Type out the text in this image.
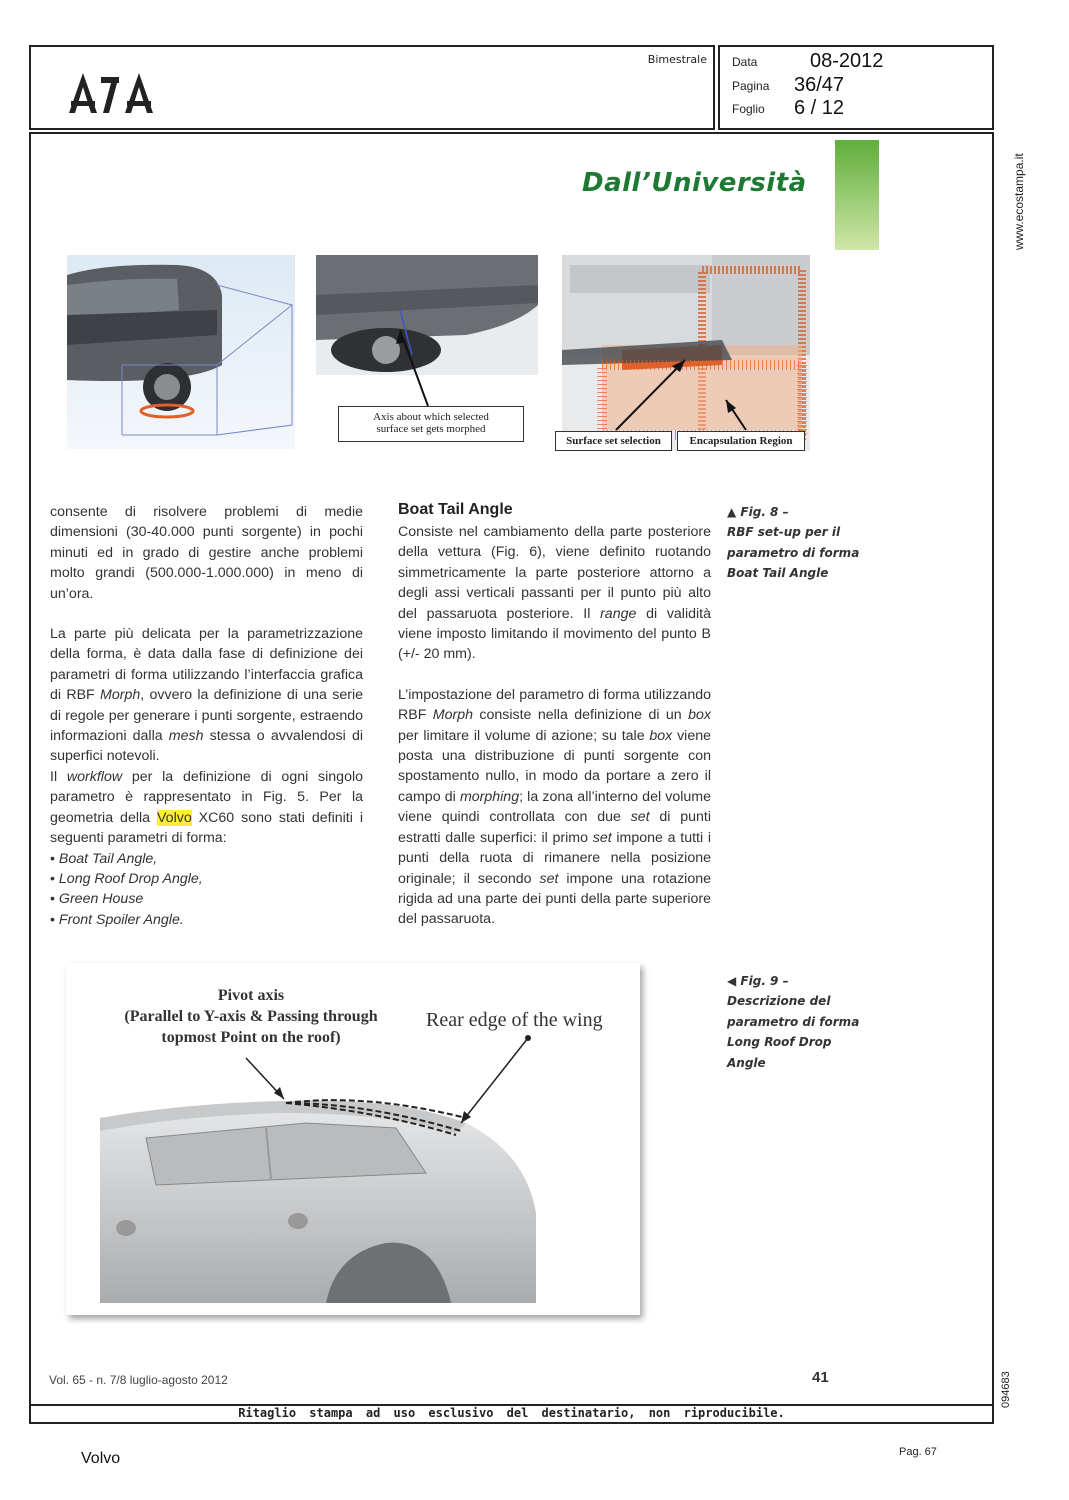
Bimestrale Data	08-2012
Pagina 36/47
Foglio 6 / 12
www.ecostampa.it
094683
Dall’Università
Axis about which selected
surface set gets morphed
Surface set selection	Encapsulation Region

consente di risolvere problemi di medie dimensioni (30-40.000 punti sorgente) in pochi minuti ed in grado di gestire anche problemi molto grandi (500.000-1.000.000) in meno di un’ora.

La parte più delicata per la parametrizzazione della forma, è data dalla fase di definizione dei parametri di forma utilizzando l’interfaccia grafica di RBF Morph, ovvero la definizione di una serie di regole per generare i punti sorgente, estraendo informazioni dalla mesh stessa o avvalendosi di superfici notevoli.

Il workflow per la definizione di ogni singolo parametro è rappresentato in Fig. 5. Per la geometria della Volvo XC60 sono stati definiti i seguenti parametri di forma:

• Boat Tail Angle,
• Long Roof Drop Angle,
• Green House
• Front Spoiler Angle.
Boat Tail Angle

Consiste nel cambiamento della parte posteriore della vettura (Fig. 6), viene definito ruotando simmetricamente la parte posteriore attorno a degli assi verticali passanti per il punto più alto del passaruota posteriore. Il range di validità viene imposto limitando il movimento del punto B (+/- 20 mm).

L’impostazione del parametro di forma utilizzando RBF Morph consiste nella definizione di un box per limitare il volume di azione; su tale box viene posta una distribuzione di punti sorgente con spostamento nullo, in modo da portare a zero il campo di morphing; la zona all’interno del volume viene quindi controllata con due set di punti estratti dalle superfici: il primo set impone a tutti i punti della ruota di rimanere nella posizione originale; il secondo set impone una rotazione rigida ad una parte dei punti della parte superiore del passaruota.

▲ Fig. 8 –
RBF set-up per il
parametro di forma
Boat Tail Angle
◀ Fig. 9 –
Descrizione del
parametro di forma
Long Roof Drop
Angle
Pivot axis
(Parallel to Y-axis & Passing through
topmost Point on the roof)
Rear edge of the wing
Vol. 65 - n. 7/8 luglio-agosto 2012	41
Ritaglio stampa ad uso esclusivo del destinatario, non riproducibile.
Volvo	Pag. 67
